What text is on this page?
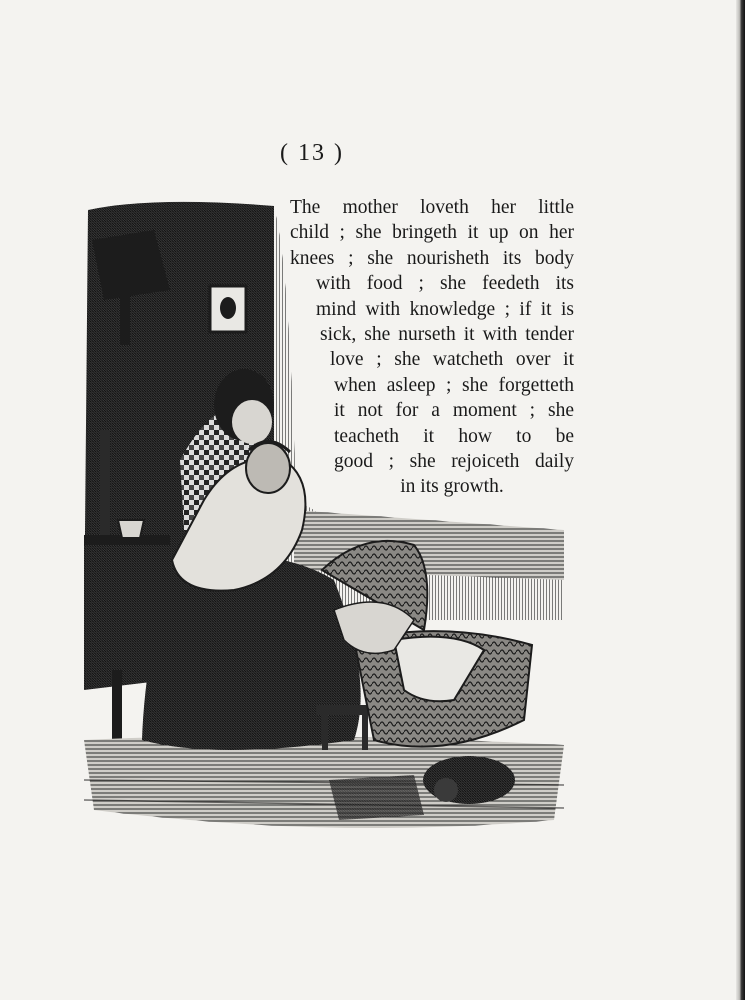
( 13 )

The mother loveth her little
child ; she bringeth it up on her
knees ; she nourisheth its body
with food ; she feedeth its
mind with knowledge ; if it is
sick, she nurseth it with tender
love ; she watcheth over it
when asleep ; she forgetteth
it not for a moment ; she
teacheth it how to be
good ; she rejoiceth daily
in its growth.
